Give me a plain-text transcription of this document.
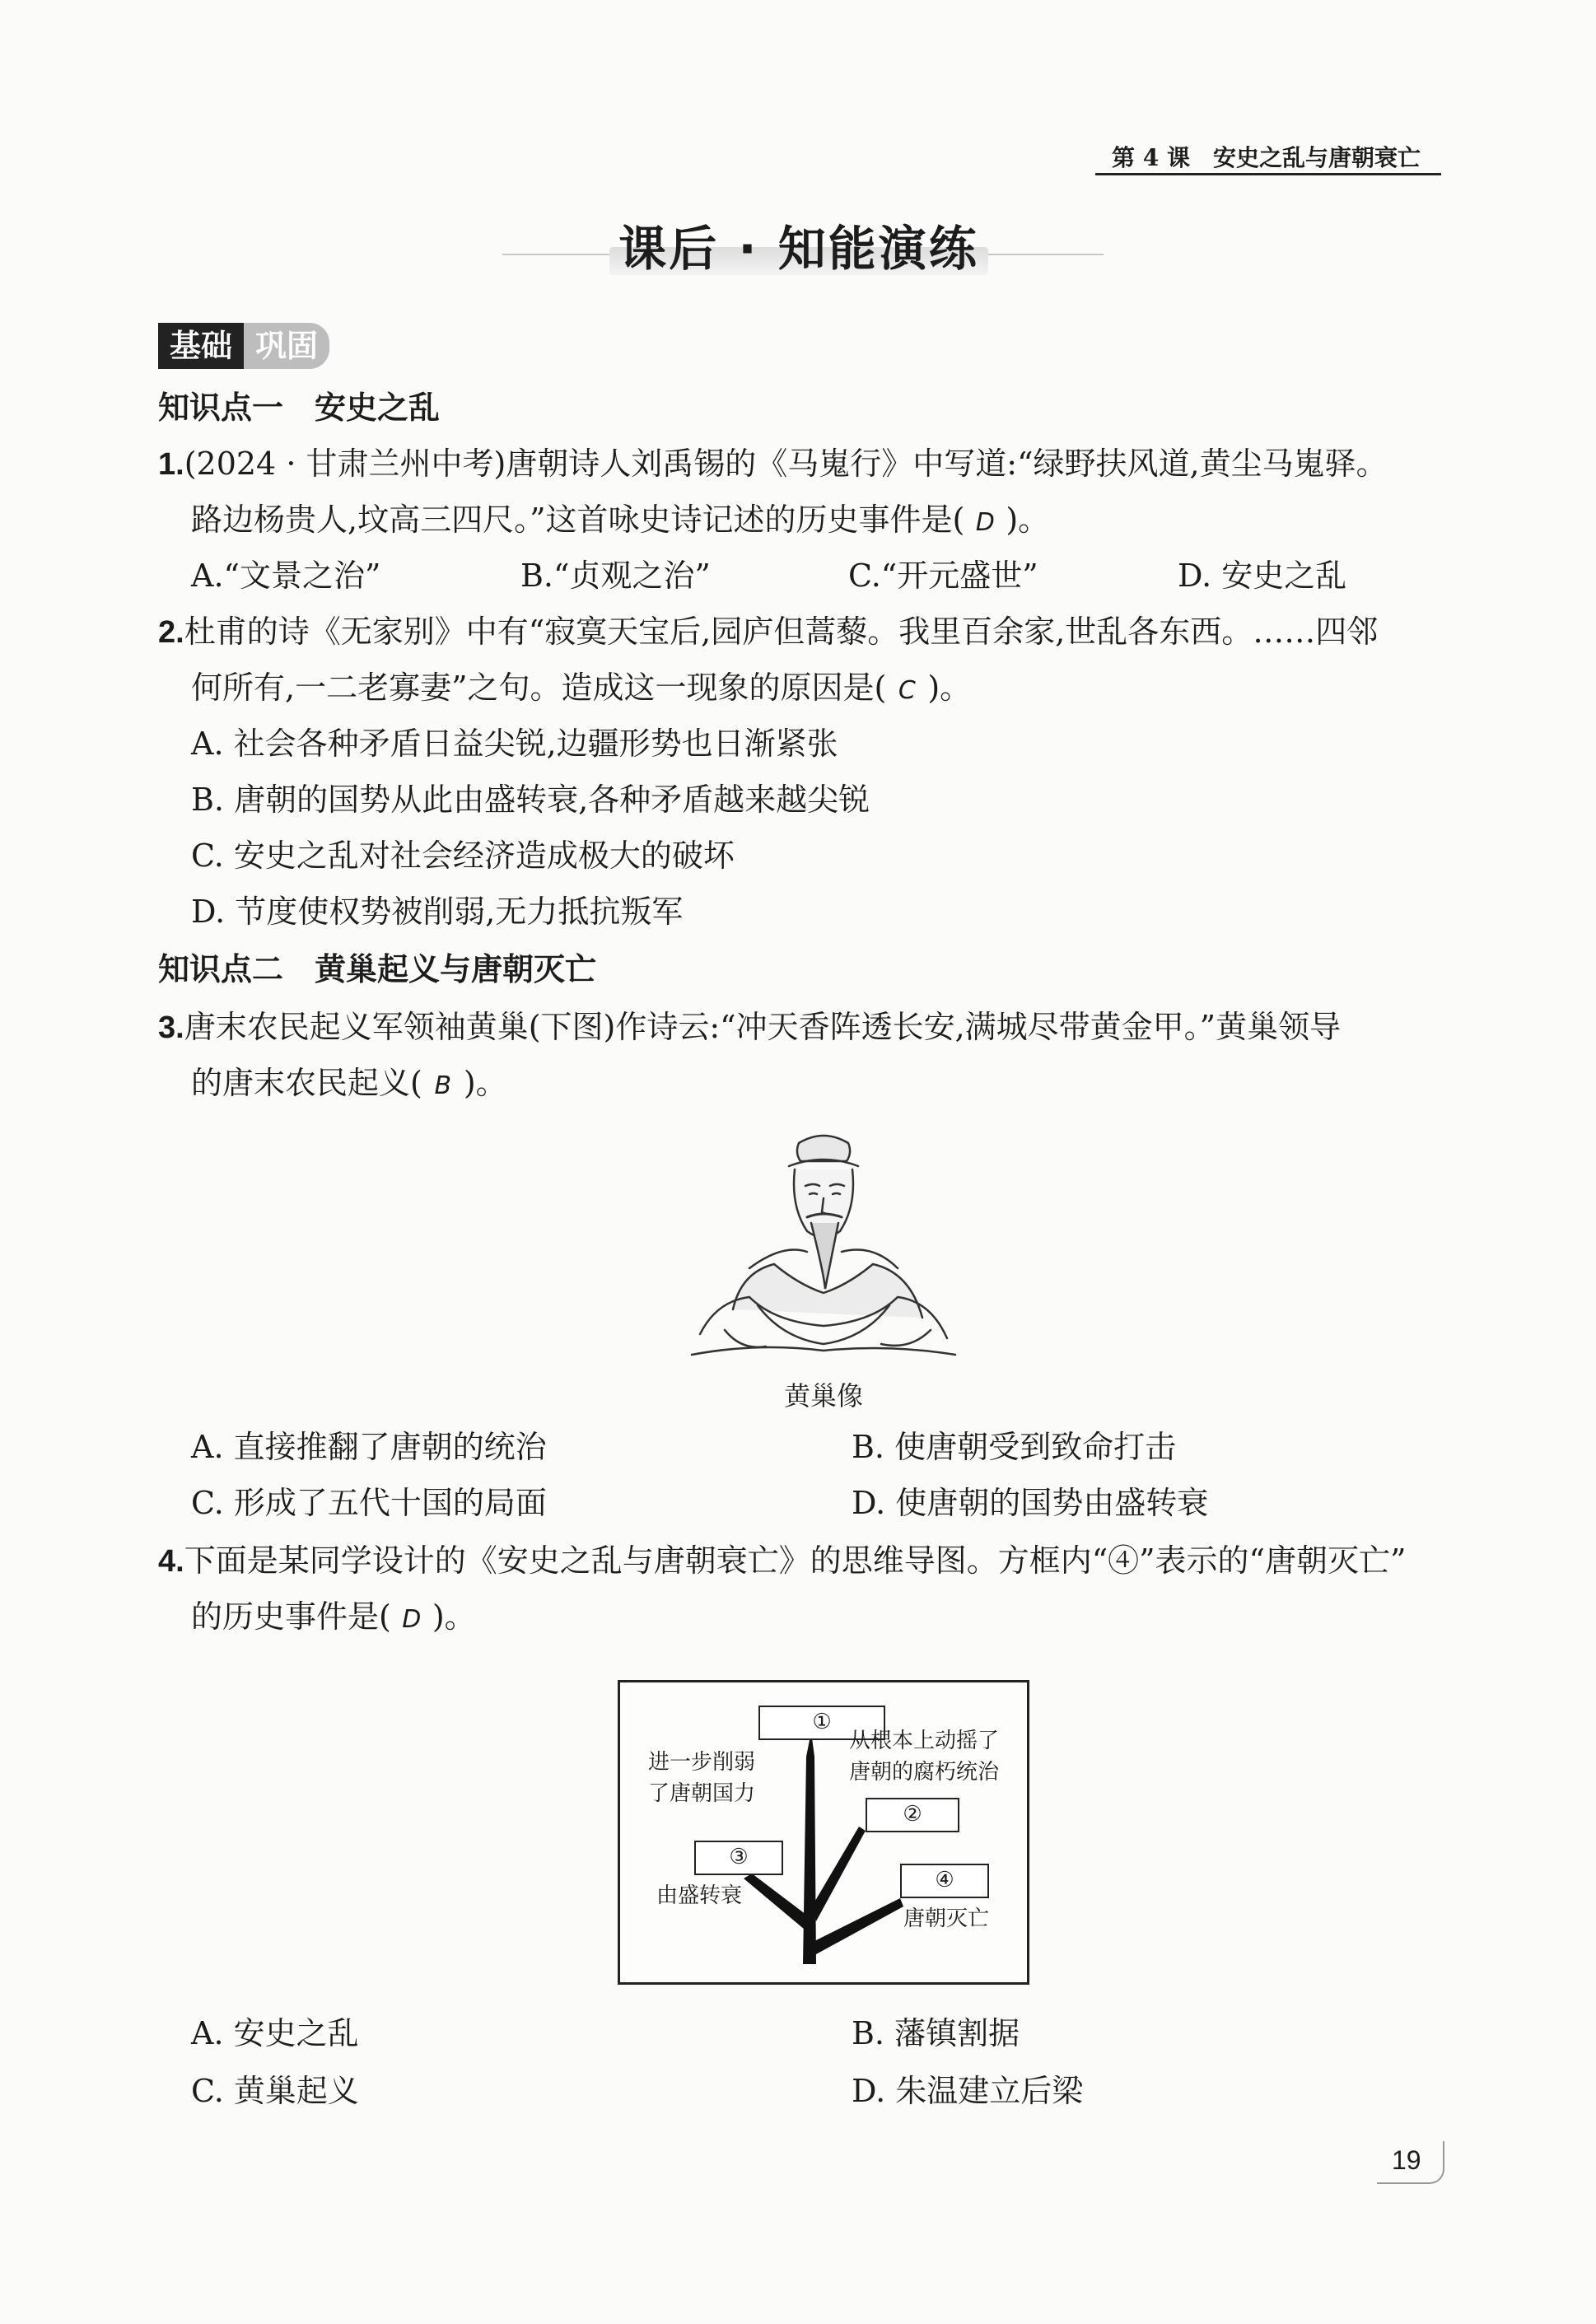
第 4 课　安史之乱与唐朝衰亡
课后 · 知能演练
基础 巩固
知识点一　安史之乱
1.(2024 · 甘肃兰州中考)唐朝诗人刘禹锡的《马嵬行》中写道:“绿野扶风道,黄尘马嵬驿。
路边杨贵人,坟高三四尺。”这首咏史诗记述的历史事件是( D )。
A.“文景之治”	B.“贞观之治”	C.“开元盛世”	D. 安史之乱
2.杜甫的诗《无家别》中有“寂寞天宝后,园庐但蒿藜。我里百余家,世乱各东西。……四邻
何所有,一二老寡妻”之句。造成这一现象的原因是( C )。
A. 社会各种矛盾日益尖锐,边疆形势也日渐紧张
B. 唐朝的国势从此由盛转衰,各种矛盾越来越尖锐
C. 安史之乱对社会经济造成极大的破坏
D. 节度使权势被削弱,无力抵抗叛军
知识点二　黄巢起义与唐朝灭亡
3.唐末农民起义军领袖黄巢(下图)作诗云:“冲天香阵透长安,满城尽带黄金甲。”黄巢领导
的唐末农民起义( B )。
黄巢像
A. 直接推翻了唐朝的统治	B. 使唐朝受到致命打击
C. 形成了五代十国的局面	D. 使唐朝的国势由盛转衰
4.下面是某同学设计的《安史之乱与唐朝衰亡》的思维导图。方框内“④”表示的“唐朝灭亡”
的历史事件是( D )。
①
②
③
④
进一步削弱
了唐朝国力
从根本上动摇了
唐朝的腐朽统治
由盛转衰
唐朝灭亡
A. 安史之乱	B. 藩镇割据
C. 黄巢起义	D. 朱温建立后梁
19
